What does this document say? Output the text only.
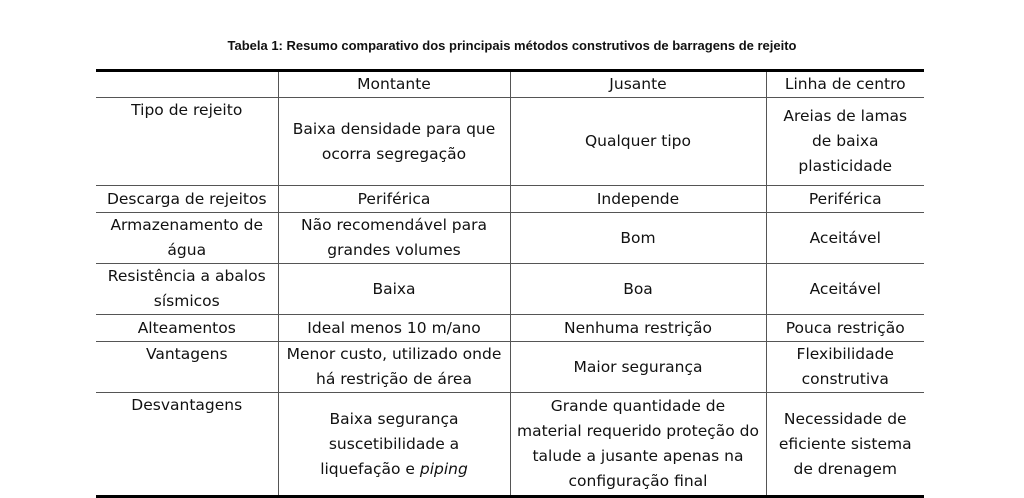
Tabela 1: Resumo comparativo dos principais métodos construtivos de barragens de rejeito
	Montante	Jusante	Linha de centro
Tipo de rejeito	Baixa densidade para que ocorra segregação	Qualquer tipo	Areias de lamas de baixa plasticidade
Descarga de rejeitos	Periférica	Independe	Periférica
Armazenamento de água	Não recomendável para grandes volumes	Bom	Aceitável
Resistência a abalos sísmicos	Baixa	Boa	Aceitável
Alteamentos	Ideal menos 10 m/ano	Nenhuma restrição	Pouca restrição
Vantagens	Menor custo, utilizado onde há restrição de área	Maior segurança	Flexibilidade construtiva
Desvantagens	Baixa segurança suscetibilidade a liquefação e piping	Grande quantidade de material requerido proteção do talude a jusante apenas na configuração final	Necessidade de eficiente sistema de drenagem
